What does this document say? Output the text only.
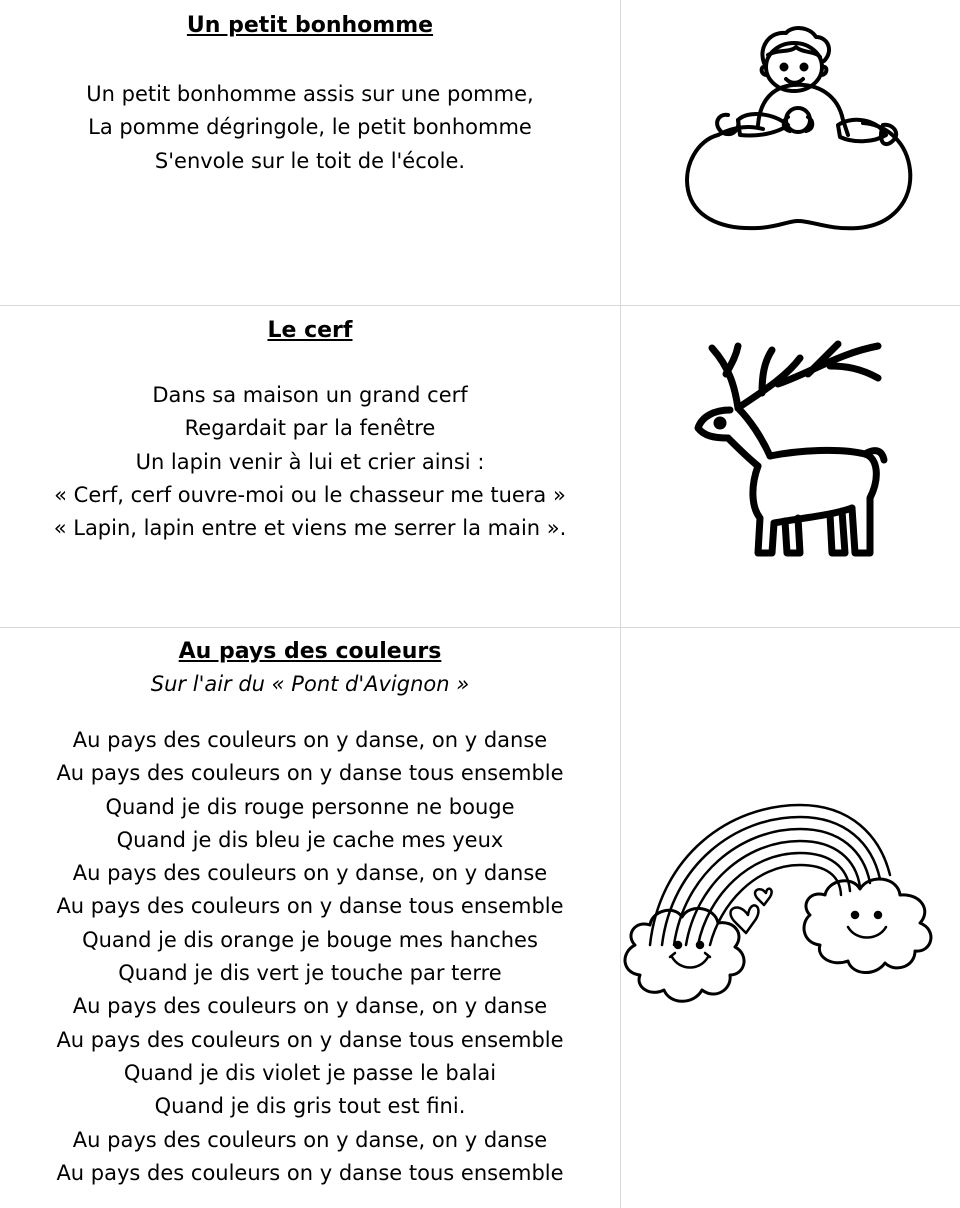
Un petit bonhomme
Un petit bonhomme assis sur une pomme,
La pomme dégringole, le petit bonhomme
S'envole sur le toit de l'école.
Le cerf
Dans sa maison un grand cerf
Regardait par la fenêtre
Un lapin venir à lui et crier ainsi :
« Cerf, cerf ouvre-moi ou le chasseur me tuera »
« Lapin, lapin entre et viens me serrer la main ».
Au pays des couleurs

Sur l'air du « Pont d'Avignon »

Au pays des couleurs on y danse, on y danse
Au pays des couleurs on y danse tous ensemble
Quand je dis rouge personne ne bouge
Quand je dis bleu je cache mes yeux
Au pays des couleurs on y danse, on y danse
Au pays des couleurs on y danse tous ensemble
Quand je dis orange je bouge mes hanches
Quand je dis vert je touche par terre
Au pays des couleurs on y danse, on y danse
Au pays des couleurs on y danse tous ensemble
Quand je dis violet je passe le balai
Quand je dis gris tout est fini.
Au pays des couleurs on y danse, on y danse
Au pays des couleurs on y danse tous ensemble
